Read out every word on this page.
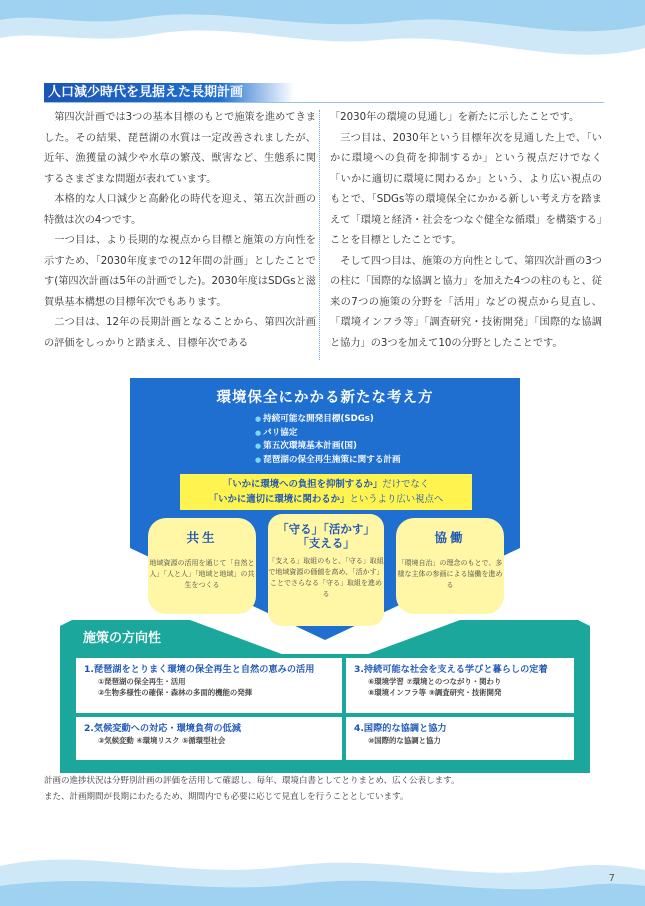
人口減少時代を見据えた長期計画

第四次計画では3つの基本目標のもとで施策を進めてきました。その結果、琵琶湖の水質は一定改善されましたが、近年、漁獲量の減少や水草の繁茂、獣害など、生態系に関するさまざまな問題が表れています。

本格的な人口減少と高齢化の時代を迎え、第五次計画の特徴は次の4つです。

一つ目は、より長期的な視点から目標と施策の方向性を示すため、「2030年度までの12年間の計画」としたことです(第四次計画は5年の計画でした)。2030年度はSDGsと滋賀県基本構想の目標年次でもあります。

二つ目は、12年の長期計画となることから、第四次計画の評価をしっかりと踏まえ、目標年次である

「2030年の環境の見通し」を新たに示したことです。

三つ目は、2030年という目標年次を見通した上で、「いかに環境への負荷を抑制するか」という視点だけでなく「いかに適切に環境に関わるか」という、より広い視点のもとで、「SDGs等の環境保全にかかる新しい考え方を踏まえて「環境と経済・社会をつなぐ健全な循環」を構築する」ことを目標としたことです。

そして四つ目は、施策の方向性として、第四次計画の3つの柱に「国際的な協調と協力」を加えた4つの柱のもと、従来の7つの施策の分野を「活用」などの視点から見直し、「環境インフラ等」「調査研究・技術開発」「国際的な協調と協力」の3つを加えて10の分野としたことです。

環境保全にかかる新たな考え方
● 持続可能な開発目標(SDGs)
● パリ協定
● 第五次環境基本計画(国)
● 琵琶湖の保全再生施策に関する計画
「いかに環境への負担を抑制するか」だけでなく
「いかに適切に環境に関わるか」というより広い視点へ
共生
地域資源の活用を通じて「自然と人」「人と人」「地域と地域」の共生をつくる
「守る」「活かす」
「支える」
「支える」取組のもと、「守る」取組で地域資源の価値を高め、「活かす」ことでさらなる「守る」取組を進める
協働
「環境自治」の理念のもとで、多様な主体の参画による協働を進める
施策の方向性
1.琵琶湖をとりまく環境の保全再生と自然の恵みの活用
①琵琶湖の保全再生・活用
②生物多様性の確保・森林の多面的機能の発揮
3.持続可能な社会を支える学びと暮らしの定着
⑥環境学習 ⑦環境とのつながり・関わり
⑧環境インフラ等 ⑨調査研究・技術開発
2.気候変動への対応・環境負荷の低減
③気候変動 ④環境リスク ⑤循環型社会
4.国際的な協調と協力
⑩国際的な協調と協力
計画の進捗状況は分野別計画の評価を活用して確認し、毎年、環境白書としてとりまとめ、広く公表します。
また、計画期間が長期にわたるため、期間内でも必要に応じて見直しを行うこととしています。
7
